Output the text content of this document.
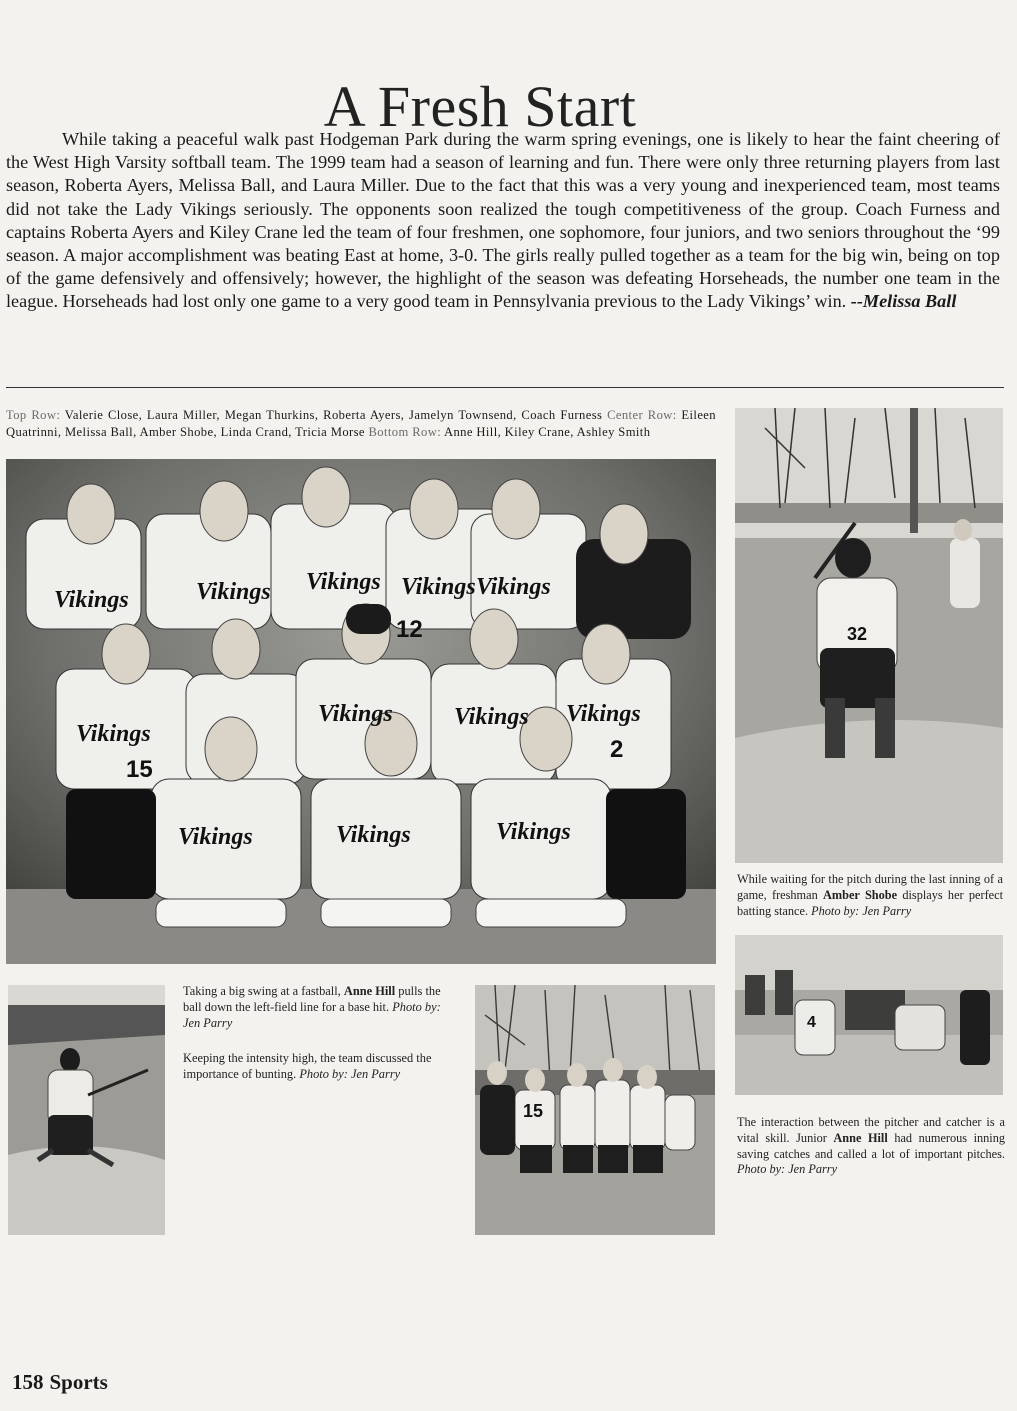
A Fresh Start

While taking a peaceful walk past Hodgeman Park during the warm spring evenings, one is likely to hear the faint cheering of the West High Varsity softball team. The 1999 team had a season of learning and fun. There were only three returning players from last season, Roberta Ayers, Melissa Ball, and Laura Miller. Due to the fact that this was a very young and inexperienced team, most teams did not take the Lady Vikings seriously. The opponents soon realized the tough competitiveness of the group. Coach Furness and captains Roberta Ayers and Kiley Crane led the team of four freshmen, one sophomore, four juniors, and two seniors throughout the ‘99 season. A major accomplishment was beating East at home, 3-0. The girls really pulled together as a team for the big win, being on top of the game defensively and offensively; however, the highlight of the season was defeating Horseheads, the number one team in the league. Horseheads had lost only one game to a very good team in Pennsylvania previous to the Lady Vikings’ win. --Melissa Ball

Top Row: Valerie Close, Laura Miller, Megan Thurkins, Roberta Ayers, Jamelyn Townsend, Coach Furness Center Row: Eileen Quatrinni, Melissa Ball, Amber Shobe, Linda Crand, Tricia Morse Bottom Row: Anne Hill, Kiley Crane, Ashley Smith

Vikings	Vikings Vikings Vikings Vikings
Vikings
Vikings	Vikings Vikings
Vikings	Vikings	Vikings
12
15
2
32

While waiting for the pitch during the last inning of a game, freshman Amber Shobe displays her perfect batting stance. Photo by: Jen Parry

4

The interaction between the pitcher and catcher is a vital skill. Junior Anne Hill had numerous inning saving catches and called a lot of important pitches. Photo by: Jen Parry

Taking a big swing at a fastball, Anne Hill pulls the ball down the left-field line for a base hit. Photo by: Jen Parry

Keeping the intensity high, the team discussed the importance of bunting. Photo by: Jen Parry

15
158 Sports
